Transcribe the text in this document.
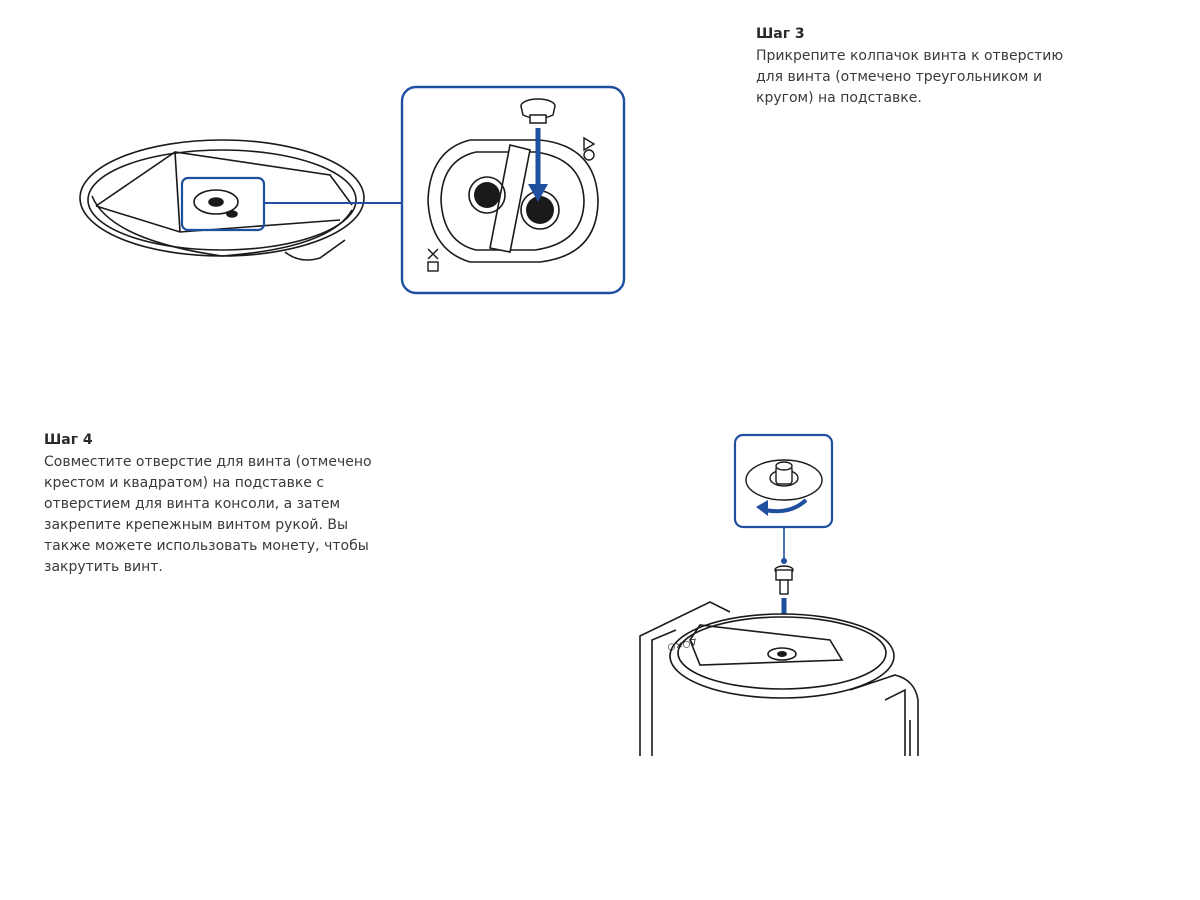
Шаг 3
Прикрепите колпачок винта к отверстию для винта (отмечено треугольником и кругом) на подставке.
Шаг 4
Совместите отверстие для винта (отмечено крестом и квадратом) на подставке с отверстием для винта консоли, а затем закрепите крепежным винтом рукой. Вы также можете использовать монету, чтобы закрутить винт.
○×○∇
